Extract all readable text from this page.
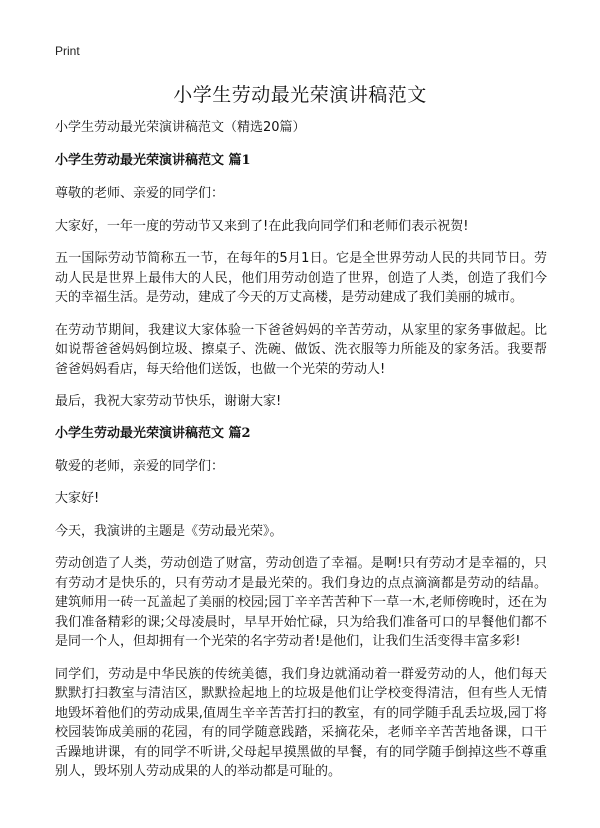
Print
小学生劳动最光荣演讲稿范文

小学生劳动最光荣演讲稿范文（精选20篇）

小学生劳动最光荣演讲稿范文 篇1

尊敬的老师、亲爱的同学们：

大家好，一年一度的劳动节又来到了!在此我向同学们和老师们表示祝贺!

五一国际劳动节简称五一节，在每年的5月1日。它是全世界劳动人民的共同节日。劳动人民是世界上最伟大的人民，他们用劳动创造了世界，创造了人类，创造了我们今天的幸福生活。是劳动，建成了今天的万丈高楼，是劳动建成了我们美丽的城市。

在劳动节期间，我建议大家体验一下爸爸妈妈的辛苦劳动，从家里的家务事做起。比如说帮爸爸妈妈倒垃圾、擦桌子、洗碗、做饭、洗衣服等力所能及的家务活。我要帮爸爸妈妈看店，每天给他们送饭，也做一个光荣的劳动人!

最后，我祝大家劳动节快乐，谢谢大家!

小学生劳动最光荣演讲稿范文 篇2

敬爱的老师，亲爱的同学们：

大家好!

今天，我演讲的主题是《劳动最光荣》。

劳动创造了人类，劳动创造了财富，劳动创造了幸福。是啊!只有劳动才是幸福的，只有劳动才是快乐的，只有劳动才是最光荣的。我们身边的点点滴滴都是劳动的结晶。建筑师用一砖一瓦盖起了美丽的校园;园丁辛辛苦苦种下一草一木,老师傍晚时，还在为我们准备精彩的课;父母凌晨时，早早开始忙碌，只为给我们准备可口的早餐他们都不是同一个人，但却拥有一个光荣的名字劳动者!是他们，让我们生活变得丰富多彩!

同学们，劳动是中华民族的传统美德，我们身边就涌动着一群爱劳动的人，他们每天默默打扫教室与清洁区，默默捡起地上的垃圾是他们让学校变得清洁，但有些人无情地毁坏着他们的劳动成果,值周生辛辛苦苦打扫的教室，有的同学随手乱丢垃圾,园丁将校园装饰成美丽的花园，有的同学随意践踏，采摘花朵，老师辛辛苦苦地备课，口干舌躁地讲课，有的同学不听讲,父母起早摸黑做的早餐，有的同学随手倒掉这些不尊重别人，毁坏别人劳动成果的人的举动都是可耻的。
